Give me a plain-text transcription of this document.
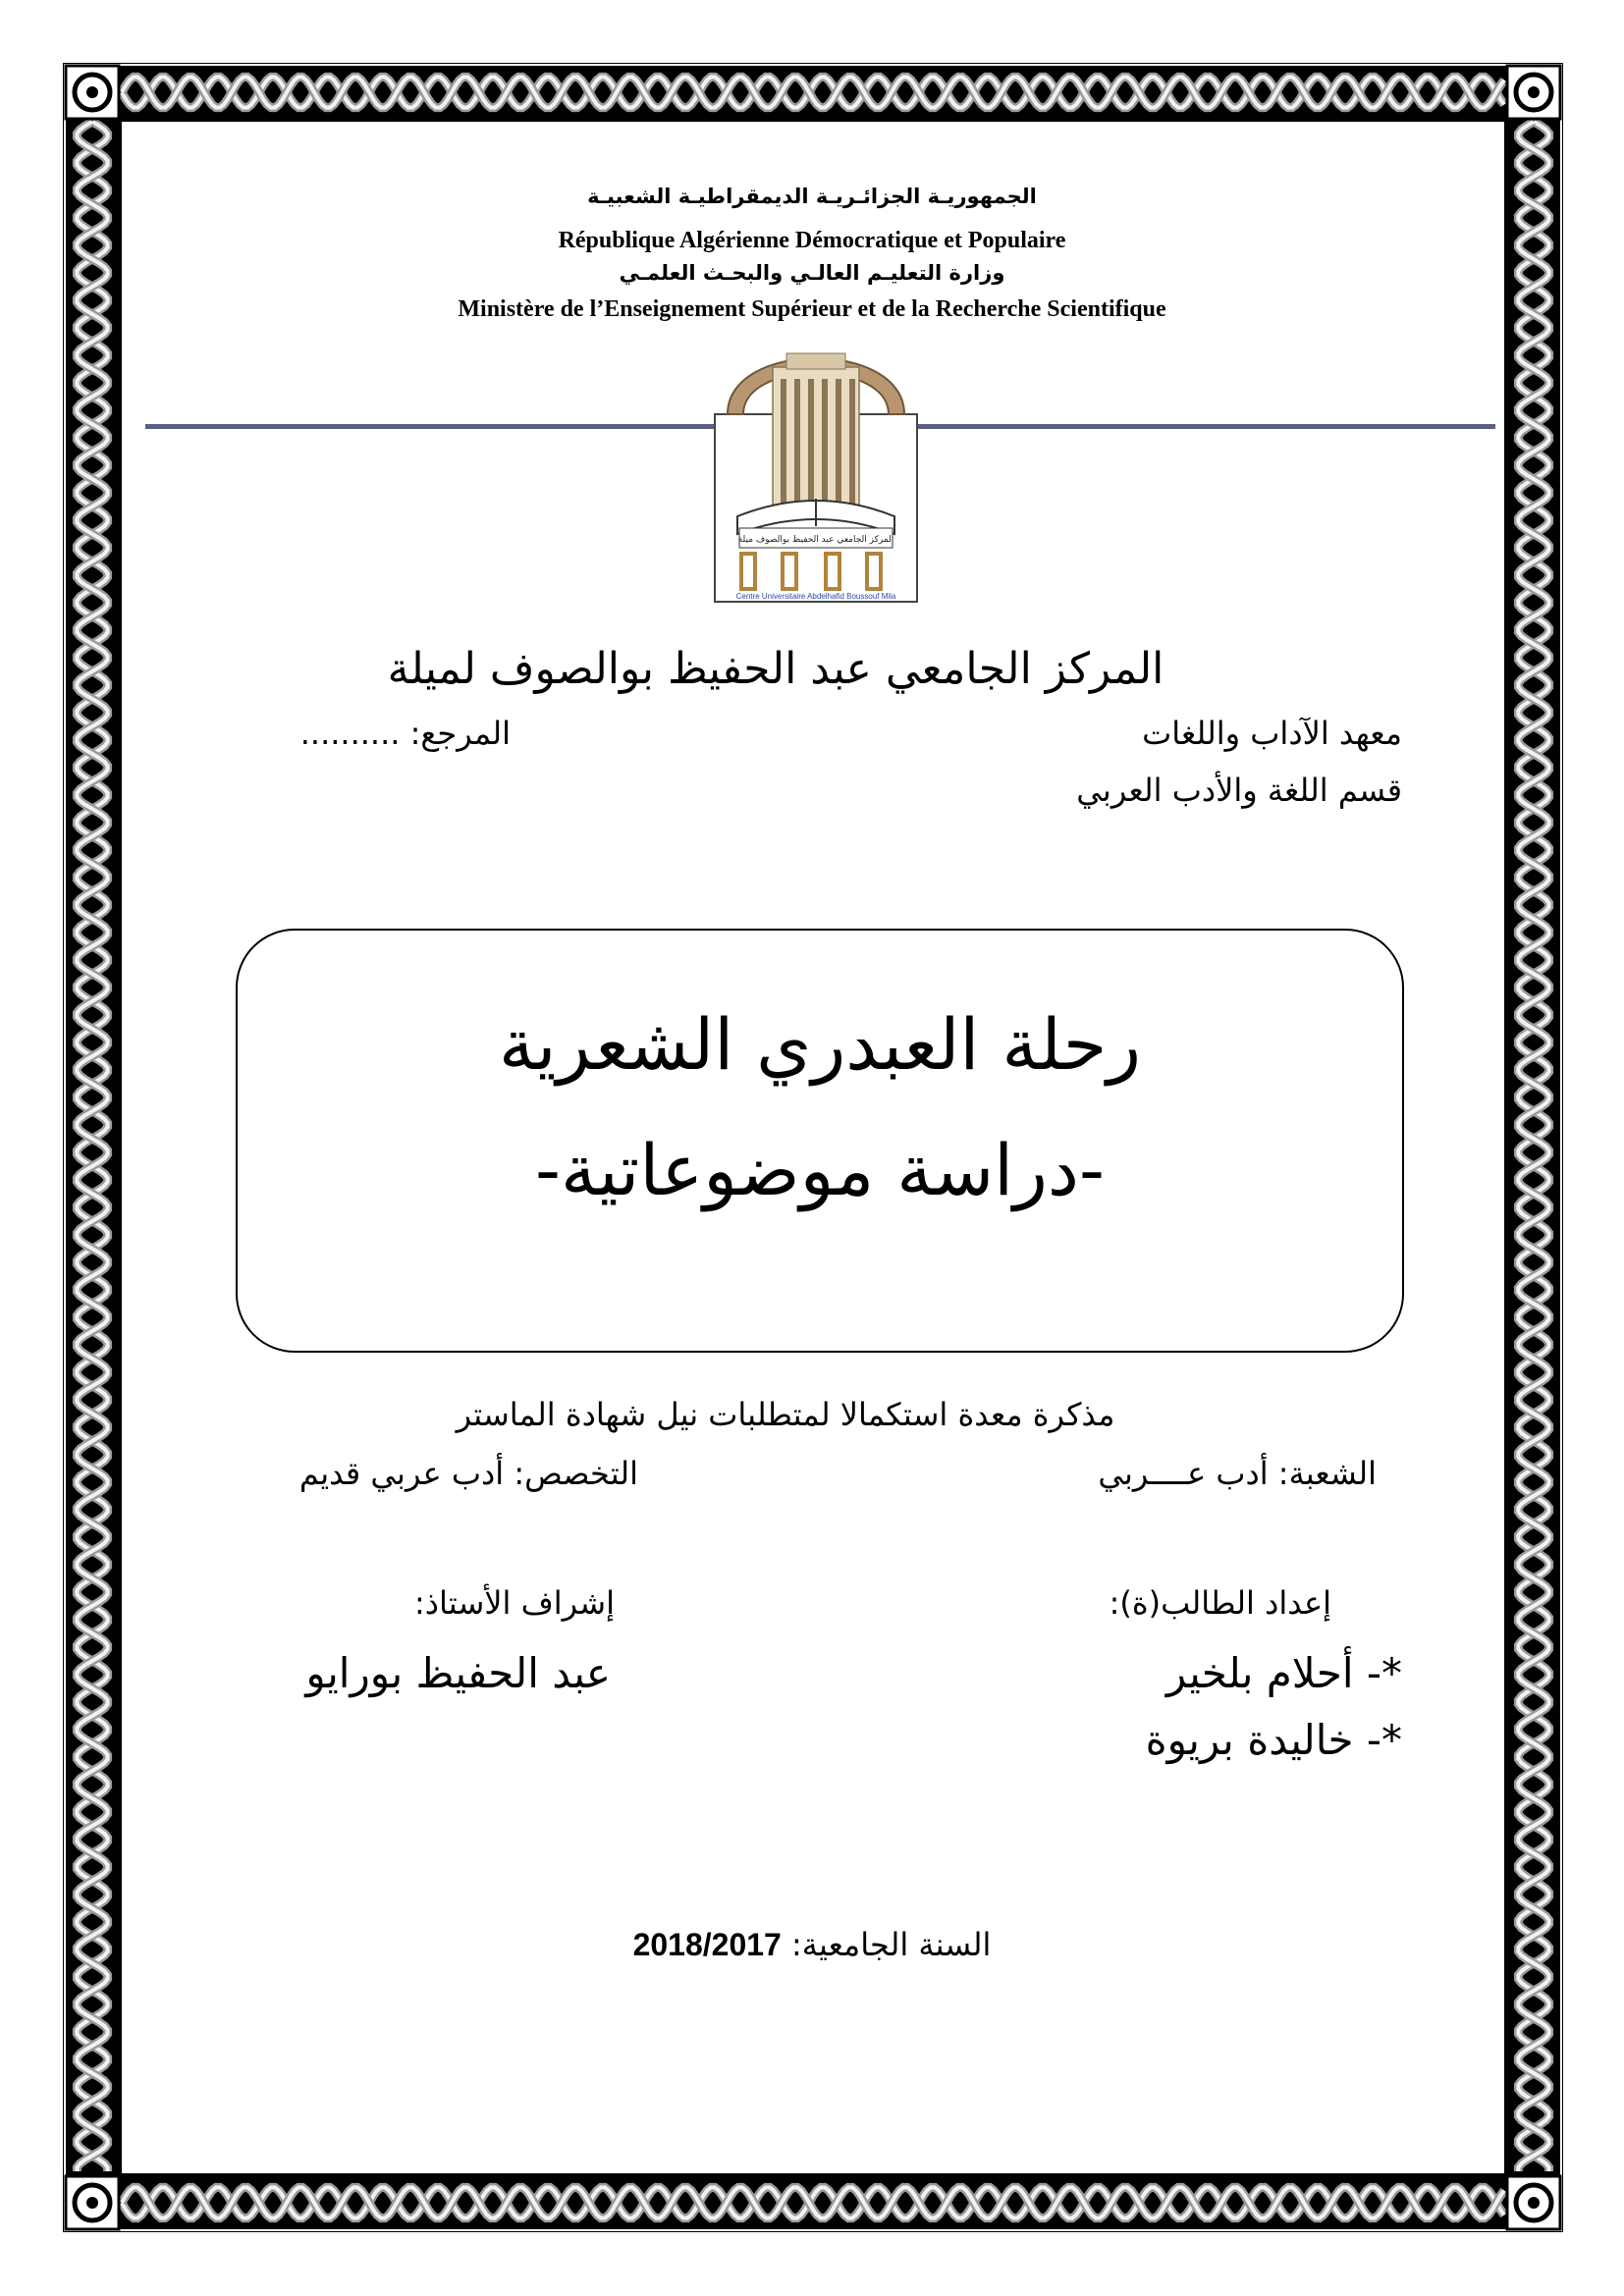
الجمهوريـة الجزائـريـة الديمقراطيـة الشعبيـة
République Algérienne Démocratique et Populaire
وزارة التعليـم العالـي والبحـث العلمـي
Ministère de l’Enseignement Supérieur et de la Recherche Scientifique
المركز الجامعي عبد الحفيظ بوالصوف ميلة
Centre Universitaire Abdelhafid Boussouf Mila
المركز الجامعي عبد الحفيظ بوالصوف لميلة
معهد الآداب واللغات
المرجع: ..........
قسم اللغة والأدب العربي
رحلة العبدري الشعرية
-دراسة موضوعاتية-
مذكرة معدة استكمالا لمتطلبات نيل شهادة الماستر
الشعبة: أدب عــــربي
التخصص: أدب عربي قديم
إعداد الطالب(ة):
إشراف الأستاذ:
*- أحلام بلخير
عبد الحفيظ بورايو
*- خاليدة بريوة
السنة الجامعية: 2018/2017
